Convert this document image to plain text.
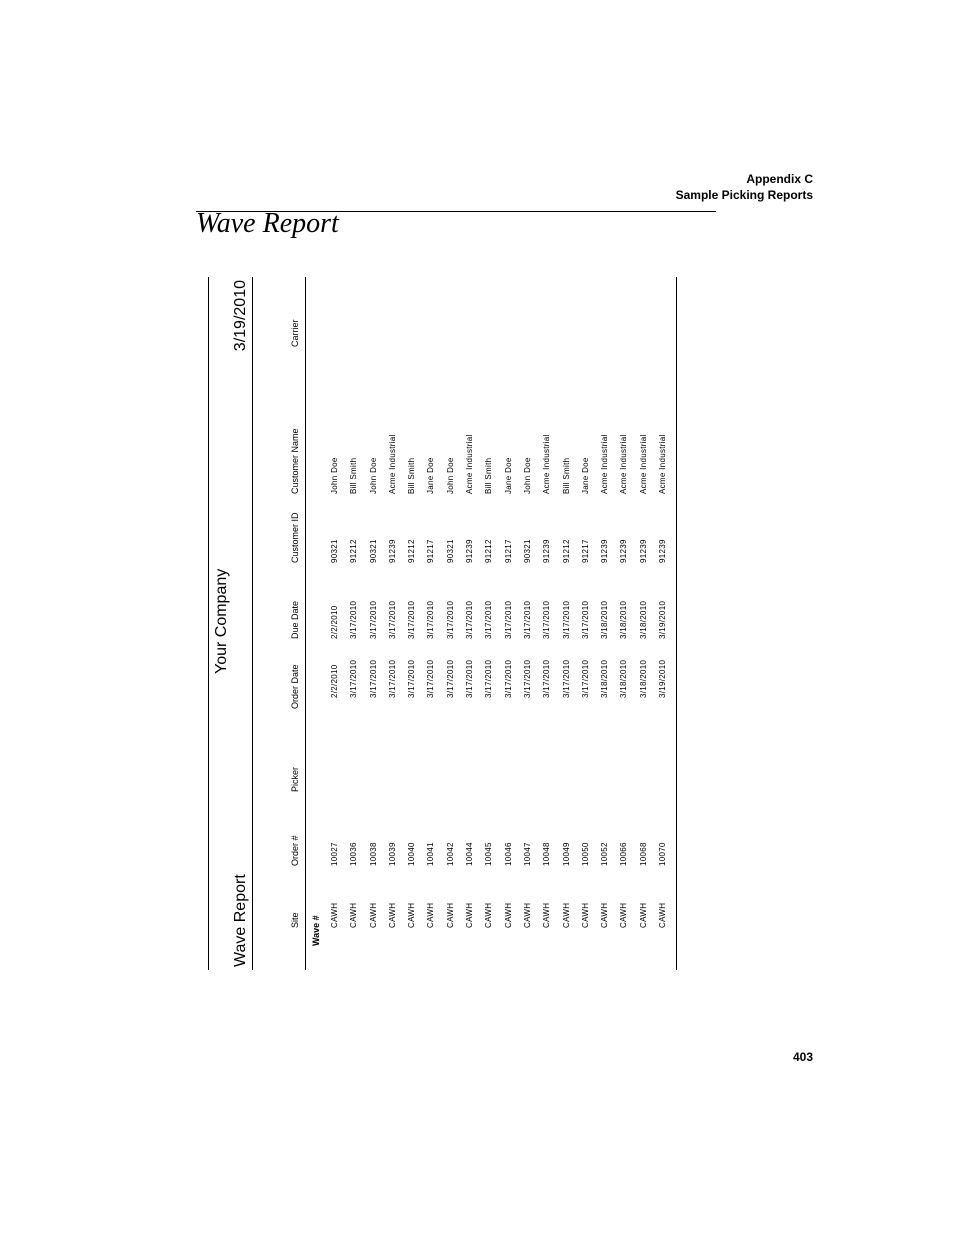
Appendix C
Sample Picking Reports
Wave Report
Your Company
Wave Report
3/19/2010
Site
Order #
Picker
Order Date
Due Date
Customer ID
Customer Name
Carrier
Wave # CAWH
10027
2/2/2010
2/2/2010
90321
John Doe
CAWH
10036
3/17/2010
3/17/2010
91212
Bill Smith
CAWH
10038
3/17/2010
3/17/2010
90321
John Doe
CAWH
10039
3/17/2010
3/17/2010
91239
Acme Industrial
CAWH
10040
3/17/2010
3/17/2010
91212
Bill Smith
CAWH
10041
3/17/2010
3/17/2010
91217
Jane Doe
CAWH
10042
3/17/2010
3/17/2010
90321
John Doe
CAWH
10044
3/17/2010
3/17/2010
91239
Acme Industrial
CAWH
10045
3/17/2010
3/17/2010
91212
Bill Smith
CAWH
10046
3/17/2010
3/17/2010
91217
Jane Doe
CAWH
10047
3/17/2010
3/17/2010
90321
John Doe
CAWH
10048
3/17/2010
3/17/2010
91239
Acme Industrial
CAWH
10049
3/17/2010
3/17/2010
91212
Bill Smith
CAWH
10050
3/17/2010
3/17/2010
91217
Jane Doe
CAWH
10052
3/18/2010
3/18/2010
91239
Acme Industrial
CAWH
10066
3/18/2010
3/18/2010
91239
Acme Industrial
CAWH
10068
3/18/2010
3/18/2010
91239
Acme Industrial
CAWH
10070
3/19/2010
3/19/2010
91239
Acme Industrial
403
